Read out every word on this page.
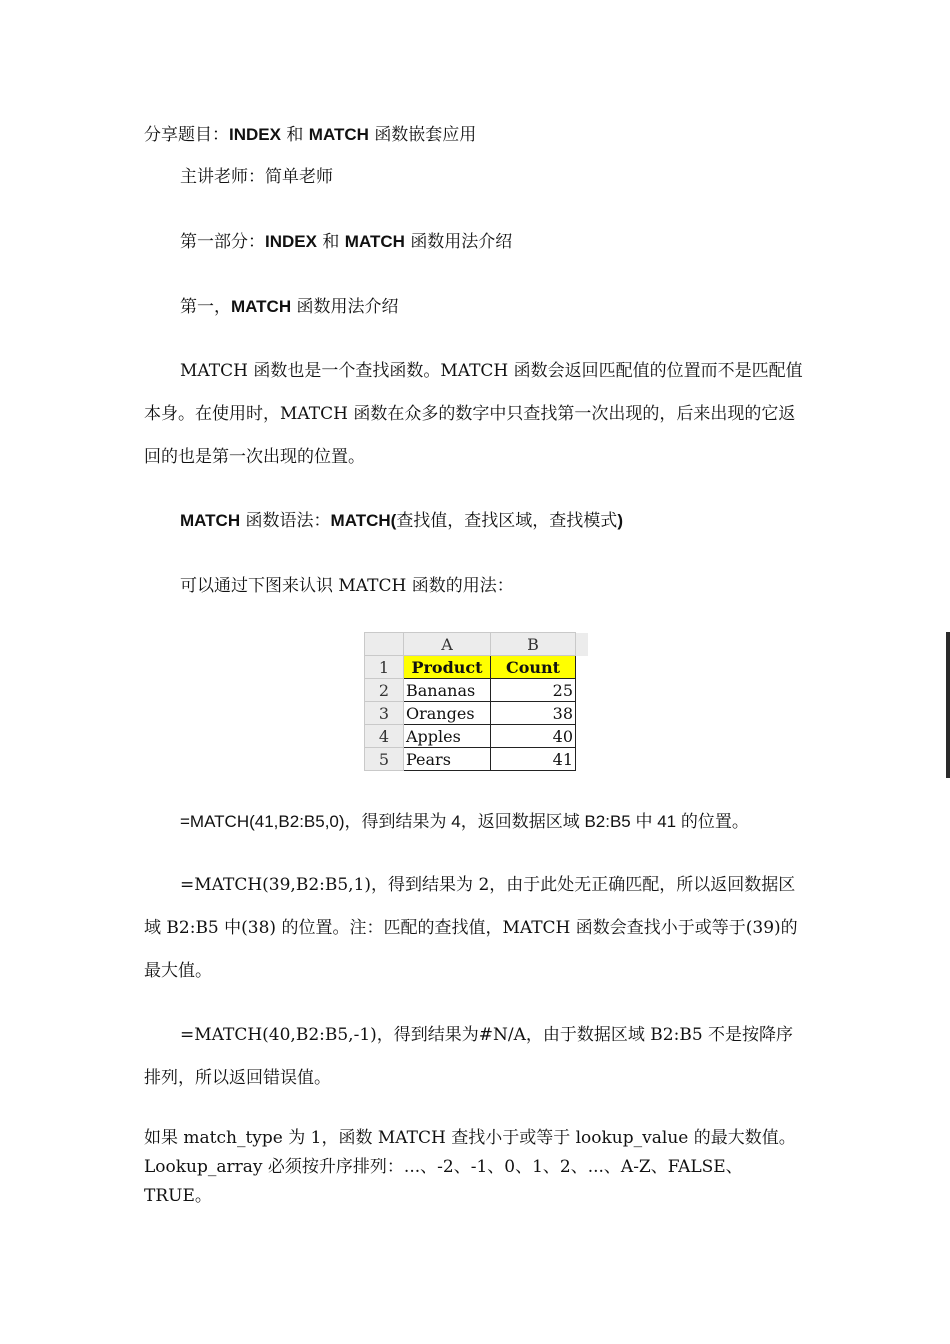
分享题目：INDEX 和 MATCH 函数嵌套应用
主讲老师：简单老师
第一部分：INDEX 和 MATCH 函数用法介绍
第一，MATCH 函数用法介绍
MATCH 函数也是一个查找函数。MATCH 函数会返回匹配值的位置而不是匹配值本身。在使用时，MATCH 函数在众多的数字中只查找第一次出现的，后来出现的它返回的也是第一次出现的位置。
MATCH 函数语法：MATCH(查找值，查找区域，查找模式)
可以通过下图来认识 MATCH 函数的用法：
	A	B	
1	Product	Count	
2	Bananas	25	
3	Oranges	38	
4	Apples	40	
5	Pears	41	
=MATCH(41,B2:B5,0)，得到结果为 4，返回数据区域 B2:B5 中 41 的位置。
=MATCH(39,B2:B5,1)，得到结果为 2，由于此处无正确匹配，所以返回数据区域 B2:B5 中(38) 的位置。注：匹配的查找值，MATCH 函数会查找小于或等于(39)的最大值。
=MATCH(40,B2:B5,-1)，得到结果为#N/A，由于数据区域 B2:B5 不是按降序排列，所以返回错误值。
如果 match_type 为 1，函数 MATCH 查找小于或等于 lookup_value 的最大数值。Lookup_array 必须按升序排列：...、-2、-1、0、1、2、...、A-Z、FALSE、TRUE。
